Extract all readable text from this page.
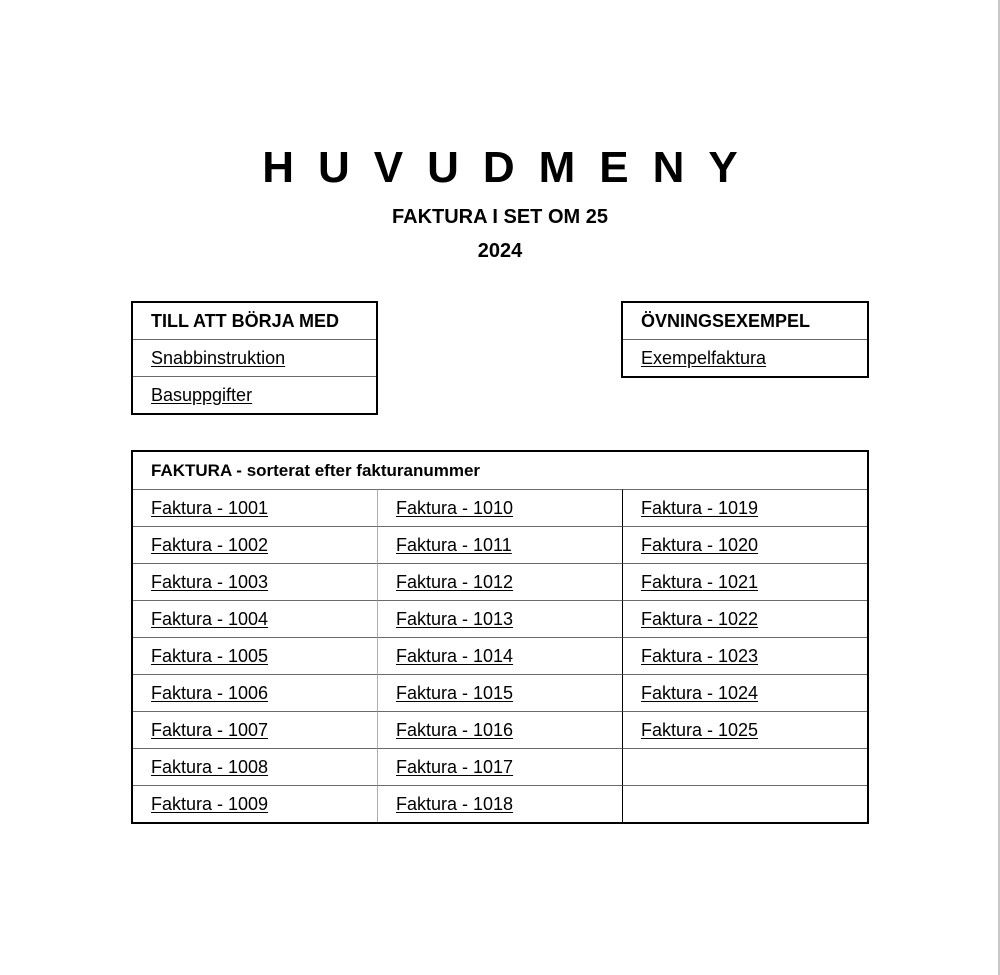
HUVUDMENY
FAKTURA I SET OM 25
2024
TILL ATT BÖRJA MED
Snabbinstruktion
Basuppgifter
ÖVNINGSEXEMPEL
Exempelfaktura
FAKTURA - sorterat efter fakturanummer
Faktura - 1001	Faktura - 1010	Faktura - 1019
Faktura - 1002	Faktura - 1011	Faktura - 1020
Faktura - 1003	Faktura - 1012	Faktura - 1021
Faktura - 1004	Faktura - 1013	Faktura - 1022
Faktura - 1005	Faktura - 1014	Faktura - 1023
Faktura - 1006	Faktura - 1015	Faktura - 1024
Faktura - 1007	Faktura - 1016	Faktura - 1025
Faktura - 1008	Faktura - 1017
Faktura - 1009	Faktura - 1018
